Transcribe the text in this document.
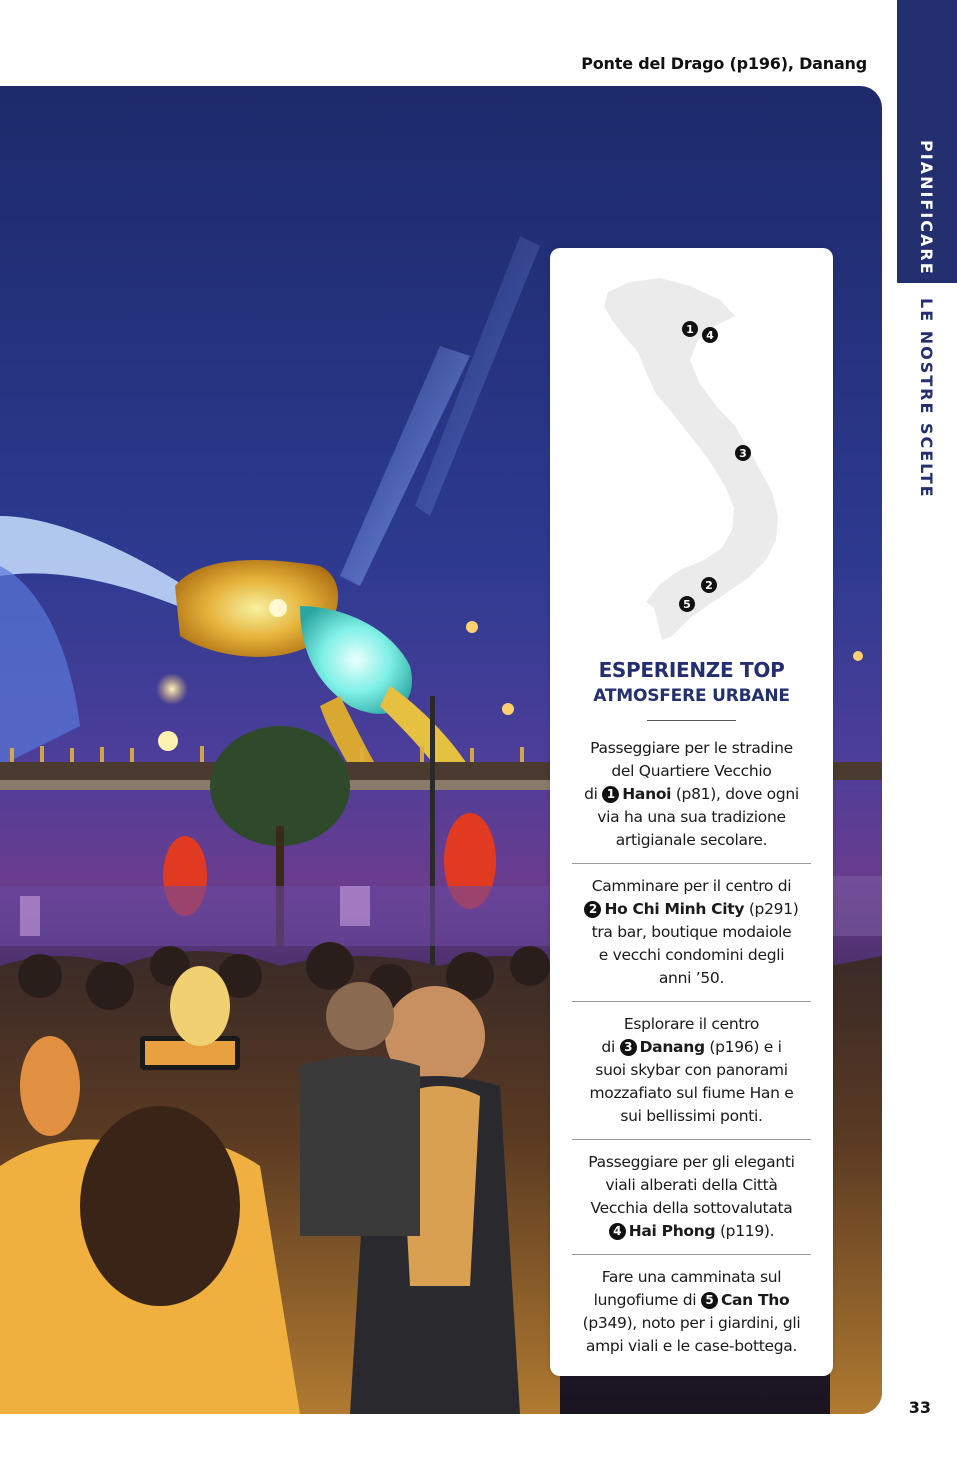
Ponte del Drago (p196), Danang
PIANIFICARE
LE NOSTRE SCELTE
1 4
3
2
5
ESPERIENZE TOP
ATMOSFERE URBANE
Passeggiare per le stradine
del Quartiere Vecchio
di 1 Hanoi (p81), dove ogni
via ha una sua tradizione
artigianale secolare.
Camminare per il centro di
2 Ho Chi Minh City (p291)
tra bar, boutique modaiole
e vecchi condomini degli
anni ’50.
Esplorare il centro
di 3 Danang (p196) e i
suoi skybar con panorami
mozzafiato sul fiume Han e
sui bellissimi ponti.
Passeggiare per gli eleganti
viali alberati della Città
Vecchia della sottovalutata
4 Hai Phong (p119).
Fare una camminata sul
lungofiume di 5 Can Tho
(p349), noto per i giardini, gli
ampi viali e le case-bottega.
33
